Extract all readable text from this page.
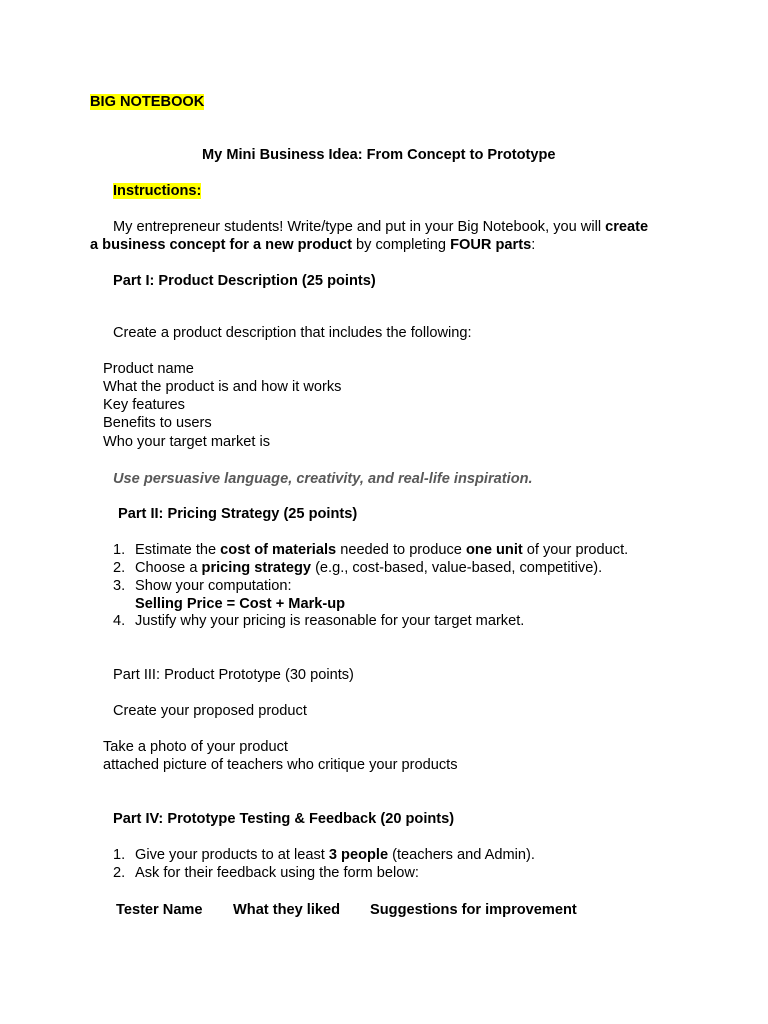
BIG NOTEBOOK
My Mini Business Idea: From Concept to Prototype
Instructions:
My entrepreneur students! Write/type and put in your Big Notebook, you will create
a business concept for a new product by completing FOUR parts:
Part I: Product Description (25 points)
Create a product description that includes the following:
Product name
What the product is and how it works
Key features
Benefits to users
Who your target market is
Use persuasive language, creativity, and real-life inspiration.
Part II: Pricing Strategy (25 points)
1. Estimate the cost of materials needed to produce one unit of your product.
2. Choose a pricing strategy (e.g., cost-based, value-based, competitive).
3. Show your computation:
Selling Price = Cost + Mark-up
4. Justify why your pricing is reasonable for your target market.
Part III: Product Prototype (30 points)
Create your proposed product
Take a photo of your product
attached picture of teachers who critique your products
Part IV: Prototype Testing & Feedback (20 points)
1. Give your products to at least 3 people (teachers and Admin).
2. Ask for their feedback using the form below:
Tester Name	What they liked	Suggestions for improvement
